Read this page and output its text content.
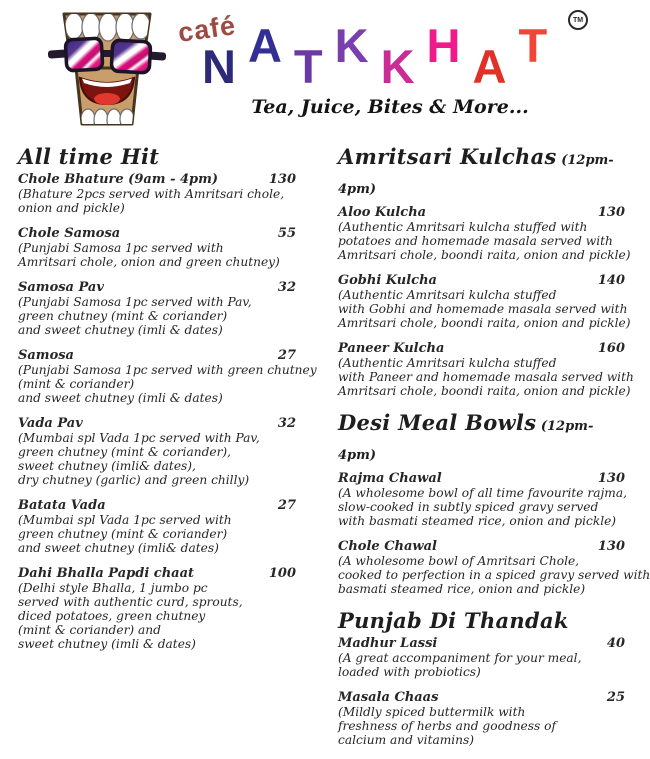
café
N A T K K H A T	TM
Tea, Juice, Bites & More...
All time Hit
Chole Bhature (9am - 4pm)	130
(Bhature 2pcs served with Amritsari chole,
onion and pickle)
Chole Samosa	55
(Punjabi Samosa 1pc served with
Amritsari chole, onion and green chutney)
Samosa Pav	32
(Punjabi Samosa 1pc served with Pav,
green chutney (mint & coriander)
and sweet chutney (imli & dates)
Samosa	27
(Punjabi Samosa 1pc served with green chutney
(mint & coriander)
and sweet chutney (imli & dates)
Vada Pav	32
(Mumbai spl Vada 1pc served with Pav,
green chutney (mint & coriander),
sweet chutney (imli& dates),
dry chutney (garlic) and green chilly)
Batata Vada	27
(Mumbai spl Vada 1pc served with
green chutney (mint & coriander)
and sweet chutney (imli& dates)
Dahi Bhalla Papdi chaat	100
(Delhi style Bhalla, 1 jumbo pc
served with authentic curd, sprouts,
diced potatoes, green chutney
(mint & coriander) and
sweet chutney (imli & dates)
Amritsari Kulchas (12pm-4pm)
Aloo Kulcha	130
(Authentic Amritsari kulcha stuffed with
potatoes and homemade masala served with
Amritsari chole, boondi raita, onion and pickle)
Gobhi Kulcha	140
(Authentic Amritsari kulcha stuffed
with Gobhi and homemade masala served with
Amritsari chole, boondi raita, onion and pickle)
Paneer Kulcha	160
(Authentic Amritsari kulcha stuffed
with Paneer and homemade masala served with
Amritsari chole, boondi raita, onion and pickle)
Desi Meal Bowls (12pm-4pm)
Rajma Chawal	130
(A wholesome bowl of all time favourite rajma,
slow-cooked in subtly spiced gravy served
with basmati steamed rice, onion and pickle)
Chole Chawal	130
(A wholesome bowl of Amritsari Chole,
cooked to perfection in a spiced gravy served with
basmati steamed rice, onion and pickle)
Punjab Di Thandak
Madhur Lassi	40
(A great accompaniment for your meal,
loaded with probiotics)
Masala Chaas	25
(Mildly spiced buttermilk with
freshness of herbs and goodness of
calcium and vitamins)
